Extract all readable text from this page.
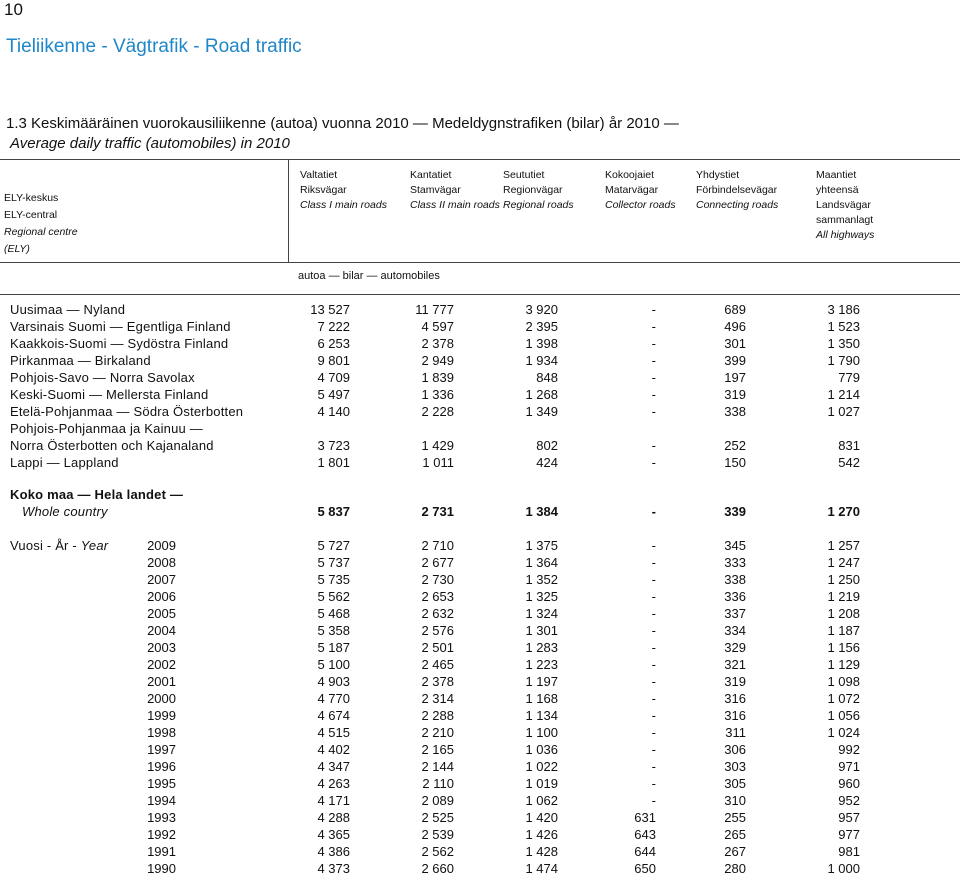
10
Tieliikenne - Vägtrafik - Road traffic
1.3 Keskimääräinen vuorokausiliikenne (autoa) vuonna 2010 — Medeldygnstrafiken (bilar) år 2010 —
Average daily traffic (automobiles) in 2010
ELY-keskus
ELY-central
Regional centre
(ELY)
Valtatiet
Riksvägar
Class I main roads
Kantatiet
Stamvägar
Class II main roads
Seututiet
Regionvägar
Regional roads
Kokoojaiet
Matarvägar
Collector roads
Yhdystiet
Förbindelsevägar
Connecting roads
Maantiet yhteensä
Landsvägar sammanlagt
All highways
autoa — bilar — automobiles
Uusimaa — Nyland	13 527	11 777	3 920	-	689	3 186
Varsinais Suomi — Egentliga Finland	7 222	4 597	2 395	-	496	1 523
Kaakkois-Suomi — Sydöstra Finland	6 253	2 378	1 398	-	301	1 350
Pirkanmaa — Birkaland	9 801	2 949	1 934	-	399	1 790
Pohjois-Savo — Norra Savolax	4 709	1 839	848	-	197	779
Keski-Suomi — Mellersta Finland	5 497	1 336	1 268	-	319	1 214
Etelä-Pohjanmaa — Södra Österbotten	4 140	2 228	1 349	-	338	1 027
Pohjois-Pohjanmaa ja Kainuu —
Norra Österbotten och Kajanaland	3 723	1 429	802	-	252	831
Lappi — Lappland	1 801	1 011	424	-	150	542
Koko maa — Hela landet —
Whole country	5 837	2 731	1 384	-	339	1 270
Vuosi - År - Year	2009	5 727	2 710	1 375	-	345	1 257
2008	5 737	2 677	1 364	-	333	1 247
2007	5 735	2 730	1 352	-	338	1 250
2006	5 562	2 653	1 325	-	336	1 219
2005	5 468	2 632	1 324	-	337	1 208
2004	5 358	2 576	1 301	-	334	1 187
2003	5 187	2 501	1 283	-	329	1 156
2002	5 100	2 465	1 223	-	321	1 129
2001	4 903	2 378	1 197	-	319	1 098
2000	4 770	2 314	1 168	-	316	1 072
1999	4 674	2 288	1 134	-	316	1 056
1998	4 515	2 210	1 100	-	311	1 024
1997	4 402	2 165	1 036	-	306	992
1996	4 347	2 144	1 022	-	303	971
1995	4 263	2 110	1 019	-	305	960
1994	4 171	2 089	1 062	-	310	952
1993	4 288	2 525	1 420	631	255	957
1992	4 365	2 539	1 426	643	265	977
1991	4 386	2 562	1 428	644	267	981
1990	4 373	2 660	1 474	650	280	1 000
